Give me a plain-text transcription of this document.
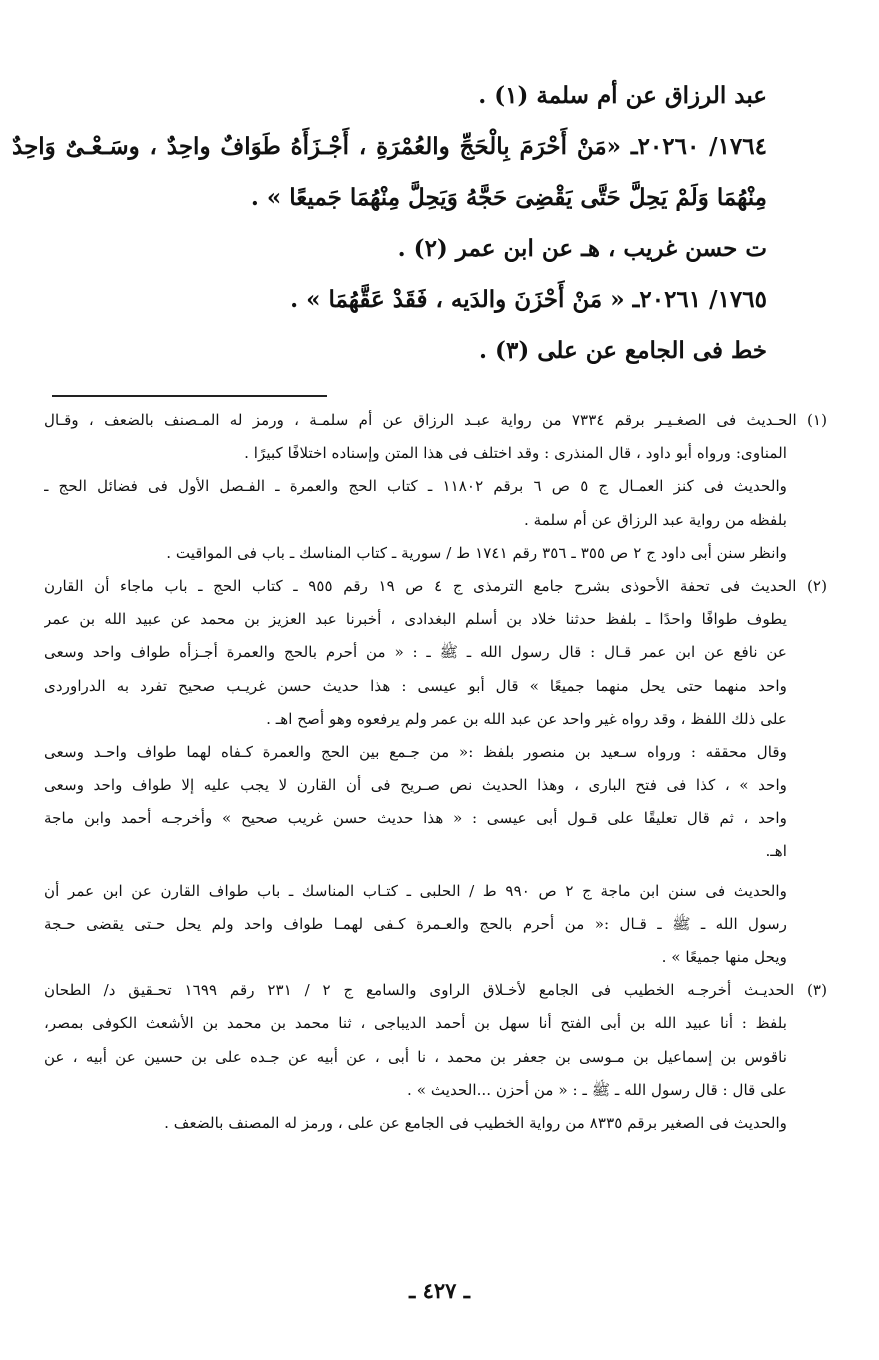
عبد الرزاق عن أم سلمة ‏(١)‏ .
١٧٦٤/ ٢٠٢٦٠ـ «مَنْ أَحْرَمَ بِالْحَجِّ والعُمْرَةِ ، أَجْـزَأَهُ طَوَافٌ واحِدٌ ، وسَـعْـىٌ وَاحِدٌ
مِنْهُمَا وَلَمْ يَحِلَّ حَتَّى يَقْضِىَ حَجَّهُ وَيَحِلَّ مِنْهُمَا جَميعًا » .
ت حسن غريب ، هـ عن ابن عمر ‏(٢)‏ .
١٧٦٥/ ٢٠٢٦١ـ « مَنْ أَحْزَنَ والدَيه ، فَقَدْ عَقَّهُمَا » .
خط فى الجامع عن على ‏(٣)‏ .
(١) الحـديث فى الصغـيـر برقم ٧٣٣٤ من رواية عبـد الرزاق عن أم سلمـة ، ورمز له المـصنف بالضعف ، وقـال
المناوى: ورواه أبو داود ، قال المنذرى : وقد اختلف فى هذا المتن وإسناده اختلافًا كبيرًا .
والحديث فى كنز العمـال ج ٥ ص ٦ برقم ١١٨٠٢ ـ كتاب الحج والعمرة ـ الفـصل الأول فى فضائل الحج ـ
بلفظه من رواية عبد الرزاق عن أم سلمة .
وانظر سنن أبى داود ج ٢ ص ٣٥٥ ـ ٣٥٦ رقم ١٧٤١ ط / سورية ـ كتاب المناسك ـ باب فى المواقيت .
(٢) الحديث فى تحفة الأحوذى بشرح جامع الترمذى ج ٤ ص ١٩ رقم ٩٥٥ ـ كتاب الحج ـ باب ماجاء أن القارن
يطوف طوافًا واحدًا ـ بلفظ حدثنا خلاد بن أسلم البغدادى ، أخبرنا عبد العزيز بن محمد عن عبيد الله بن عمر
عن نافع عن ابن عمر قـال : قال رسول الله ـ ﷺ ـ : « من أحرم بالحج والعمرة أجـزأه طواف واحد وسعى
واحد منهما حتى يحل منهما جميعًا » قال أبو عيسى : هذا حديث حسن غريـب صحيح تفرد به الدراوردى
على ذلك اللفظ ، وقد رواه غير واحد عن عبد الله بن عمر ولم يرفعوه وهو أصح اهـ .
وقال محققه : ورواه سـعيد بن منصور بلفظ :« من جـمع بين الحج والعمرة كـفاه لهما طواف واحـد وسعى
واحد » ، كذا فى فتح البارى ، وهذا الحديث نص صـريح فى أن القارن لا يجب عليه إلا طواف واحد وسعى
واحد ، ثم قال تعليقًا على قـول أبى عيسى : « هذا حديث حسن غريب صحيح » وأخرجـه أحمد وابن ماجة
اهـ.
والحديث فى سنن ابن ماجة ج ٢ ص ٩٩٠ ط / الحلبى ـ كتـاب المناسك ـ باب طواف القارن عن ابن عمر أن
رسول الله ـ ﷺ ـ قـال :« من أحرم بالحج والعـمرة كـفى لهمـا طواف واحد ولم يحل حـتى يقضى حـجة
ويحل منها جميعًا » .
(٣) الحديـث أخرجـه الخطيب فى الجامع لأخـلاق الراوى والسامع ج ٢ / ٢٣١ رقم ١٦٩٩ تحـقيق د/ الطحان
بلفظ : أنا عبيد الله بن أبى الفتح أنا سهل بن أحمد الديباجى ، ثنا محمد بن محمد بن الأشعث الكوفى بمصر،
ناقوس بن إسماعيل بن مـوسى بن جعفر بن محمد ، نا أبى ، عن أبيه عن جـده على بن حسين عن أبيه ، عن
على قال : قال رسول الله ـ ﷺ ـ : « من أحزن ...الحديث » .
والحديث فى الصغير برقم ٨٣٣٥ من رواية الخطيب فى الجامع عن على ، ورمز له المصنف بالضعف .
ـ ٤٢٧ ـ
